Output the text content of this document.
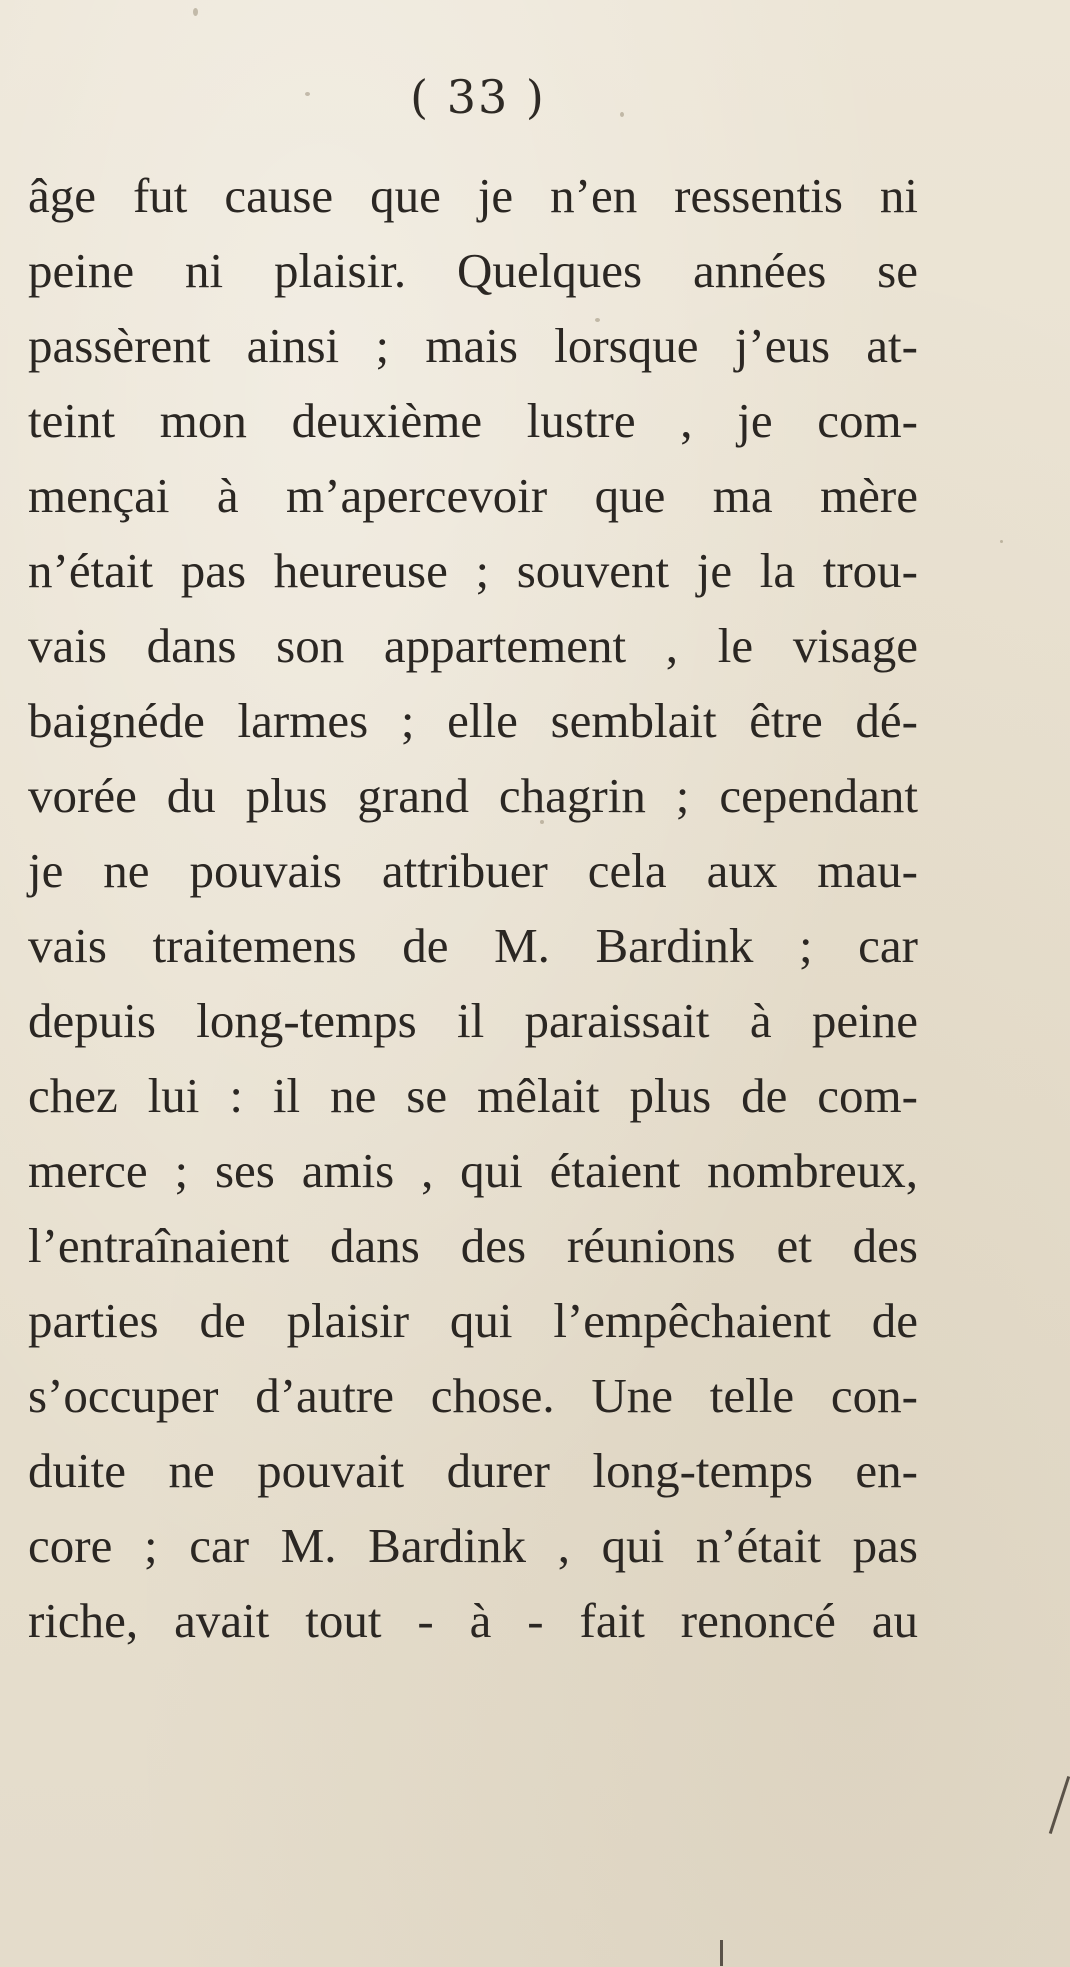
( 33 )
âge fut cause que je n’en ressentis ni
peine ni plaisir. Quelques années se
passèrent ainsi ; mais lorsque j’eus at-
teint mon deuxième lustre , je com-
mençai à m’apercevoir que ma mère
n’était pas heureuse ; souvent je la trou-
vais dans son appartement , le visage
baignéde larmes ; elle semblait être dé-
vorée du plus grand chagrin ; cependant
je ne pouvais attribuer cela aux mau-
vais traitemens de M. Bardink ; car
depuis long-temps il paraissait à peine
chez lui : il ne se mêlait plus de com-
merce ; ses amis , qui étaient nombreux,
l’entraînaient dans des réunions et des
parties de plaisir qui l’empêchaient de
s’occuper d’autre chose. Une telle con-
duite ne pouvait durer long-temps en-
core ; car M. Bardink , qui n’était pas
riche, avait tout - à - fait renoncé au
